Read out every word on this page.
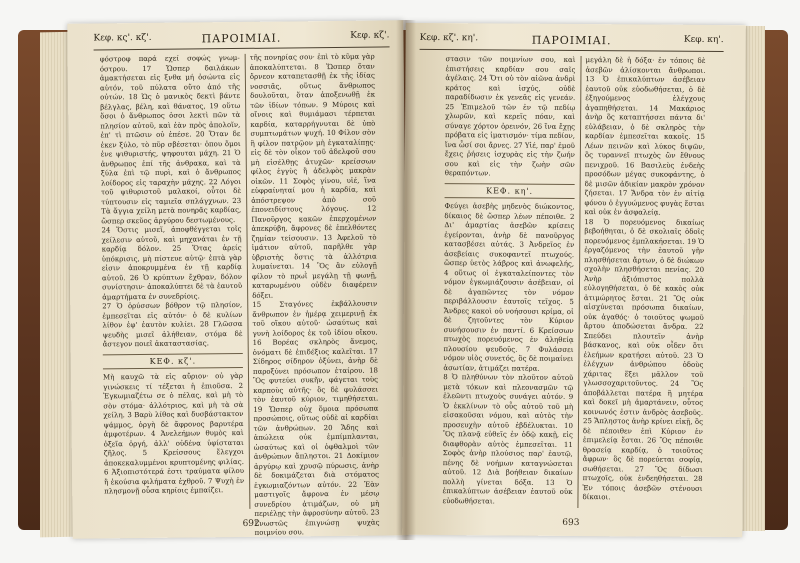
Κεφ. κς'. κζ'.	ΠΑΡΟΙΜΙΑΙ.	Κεφ. κζ'.

φόστροφ παρά εχεί σοφώς γνωμ-όστρου. 17 Ὥσπερ δαιλάκων ἀμακτήσεται εἰς ξνθα μή ὀσώντα εἰς αὐτόν, τοῦ πύλατα οὕτο ἀπό τῆς οὐτών. 18 Ὡς ὁ μανικὸς δεκτὶ βάντε βέλγλας, βέλη, καὶ θάνατος, 19 οὕτω ὅσοι ὁ ἄνθρωπος ὁσοι λεκτὶ πῶν τὰ πλησίον αὐτοῦ, καὶ ἐὰν πρὸς ἀπολοῖν, ἐπ' τὶ πτῶσιν οὐ ἐπέσε. 20 Ὅταν δε ἐκεν ξύλο, τὸ πῦρ σβέσεται· ὁπου ὅμοι ἐνε ψιθυριστής, ψηφουται μάχη. 21 Ὁ ἀνθρωπος ἐπί τῆς ἀνθρακα, καὶ τὰ ξύλα ἐπὶ τῷ πυρὶ, καὶ ὁ ἄνθρωπος λοίδορος εἰς ταραχὴν μάχης. 22 Λόγοι τοῦ ψιθυριστοῦ μαλακοί, οὗτοι δὲ τύπτουσιν εἰς ταμιεῖα σπλάγχνων. 23 Τὰ ἄγγια χείλη μετὰ πονηρᾶς καρδίας, ὥσπερ σκεῦος ἀργύρου δεστωμένους.

24 Ὅστις μισεῖ, ἀποφθέγγεται τοῖς χείλεσιν αὐτοῦ, καὶ μηχανάται ἐν τῇ καρδίᾳ δόλον. 25 Ὅτας ἀρείς ὑπόκρισις, μὴ πίστευε αὐτῷ· ἑπτὰ γὰρ εἰσιν ἀποκρυμμένα ἐν τῇ καρδίᾳ αὐτοῦ. 26 Ὁ κρύπτων ἔχθραν, δόλον συνίστησιν· ἀποκαλύπτει δὲ τὰ ἑαυτοῦ ἁμαρτήματα ἐν συνεδρίοις.

27 Ὁ ὀρύσσων βόθρον τῷ πλησίον, ἐμπεσεῖται εἰς αὐτόν· ὁ δὲ κυλίων λίθον ἐφ' ἑαυτὸν κυλίει. 28 Γλῶσσα ψευδὴς μισεῖ ἀλήθειαν, στόμα δὲ ἄστεγον ποιεῖ ἀκαταστασίας.

ΚΕΦ. κζ'.

Μὴ καυχῶ τὰ εἰς αὔριον· οὐ γὰρ γινώσκεις τί τέξεται ἡ ἐπιοῦσα. 2 Ἐγκωμιαζέτω σε ὁ πέλας, καὶ μὴ τὸ σὸν στόμα· ἀλλότριος, καὶ μὴ τὰ σὰ χείλη. 3 Βαρὺ λίθος καὶ δυσβάστακτον ψάμμος, ὀργὴ δὲ ἄφρονος βαρυτέρα ἀμφοτέρων. 4 Ἀνελεήμων θυμὸς καὶ ὀξεῖα ὀργή, ἀλλ' οὐδένα ὑφίσταται ζῆλος. 5 Κρείσσους ἔλεγχοι ἀποκεκαλυμμένοι κρυπτομένης φιλίας. 6 Ἀξιοπιστότερά ἐστι τραύματα φίλου ἢ ἑκούσια φιλήματα ἐχθροῦ. 7 Ψυχὴ ἐν πλησμονῇ οὖσα κηρίοις ἐμπαίζει.

τῆς πονηρίας σου· ἐπὶ τὸ κῦμα γὰρ ἀποκαλύπτεται. 8 Ὥσπερ ὅταν ὄρνεον καταπετασθῇ ἐκ τῆς ἰδίας νοσσιᾶς, οὕτως ἄνθρωπος δουλοῦται, ὅταν ἀποξενωθῇ ἐκ τῶν ἰδίων τόπων. 9 Μύροις καὶ οἴνοις καὶ θυμιάμασι τέρπεται καρδία, καταρρήγνυται δὲ ὑπὸ συμπτωμάτων ψυχή. 10 Φίλον σὸν ἢ φίλον πατρῷον μὴ ἐγκαταλίπῃς· εἰς δὲ τὸν οἶκον τοῦ ἀδελφοῦ σου μὴ εἰσέλθῃς ἀτυχῶν· κρείσσων φίλος ἐγγὺς ἢ ἀδελφὸς μακρὰν οἰκῶν. 11 Σοφὸς γίνου, υἱέ, ἵνα εὐφραίνηταί μου ἡ καρδία, καὶ ἀπόστρεψον ἀπὸ σοῦ ἐπονειδίστους λόγους. 12 Πανοῦργος κακῶν ἐπερχομένων ἀπεκρύβη, ἄφρονες δὲ ἐπελθόντες ζημίαν τείσουσιν. 13 Ἀφελοῦ τὸ ἱμάτιον αὐτοῦ, παρῆλθε γὰρ ὑβριστὴς ὅστις τὰ ἀλλότρια λυμαίνεται. 14 Ὃς ἂν εὐλογῇ φίλον τὸ πρωῒ μεγάλῃ τῇ φωνῇ, καταρωμένου οὐδὲν διαφέρειν δόξει.

15 Σταγόνες ἐκβάλλουσιν ἄνθρωπον ἐν ἡμέρᾳ χειμερινῇ ἐκ τοῦ οἴκου αὐτοῦ· ὡσαύτως καὶ γυνὴ λοίδορος ἐκ τοῦ ἰδίου οἴκου. 16 Βορέας σκληρὸς ἄνεμος, ὀνόματι δὲ ἐπιδέξιος καλεῖται. 17 Σίδηρος σίδηρον ὀξύνει, ἀνὴρ δὲ παροξύνει πρόσωπον ἑταίρου. 18 Ὃς φυτεύει συκῆν, φάγεται τοὺς καρποὺς αὐτῆς· ὃς δὲ φυλάσσει τὸν ἑαυτοῦ κύριον, τιμηθήσεται. 19 Ὥσπερ οὐχ ὅμοια πρόσωπα προσώποις, οὕτως οὐδὲ αἱ καρδίαι τῶν ἀνθρώπων. 20 Ἅδης καὶ ἀπώλεια οὐκ ἐμπίμπλανται, ὡσαύτως καὶ οἱ ὀφθαλμοὶ τῶν ἀνθρώπων ἄπληστοι. 21 Δοκίμιον ἀργύρῳ καὶ χρυσῷ πύρωσις, ἀνὴρ δὲ δοκιμάζεται διὰ στόματος ἐγκωμιαζόντων αὐτόν. 22 Ἐὰν μαστιγοῖς ἄφρονα ἐν μέσῳ συνεδρίου ἀτιμάζων, οὐ μὴ περιέλῃς τὴν ἀφροσύνην αὐτοῦ. 23 Γνωστῶς ἐπιγνώσῃ ψυχὰς ποιμνίου σου.

692
Κεφ. κζ'. κη'.	ΠΑΡΟΙΜΙΑΙ.	Κεφ. κη'.

στασιν τῶν ποιμνίων σου, καὶ ἐπιστήσεις καρδίαν σου σαῖς ἀγέλαις. 24 Ὅτι οὐ τὸν αἰῶνα ἀνδρὶ κράτος καὶ ἰσχύς, οὐδὲ παραδίδωσιν ἐκ γενεᾶς εἰς γενεάν. 25 Ἐπιμελοῦ τῶν ἐν τῷ πεδίῳ χλωρῶν, καὶ κερεῖς πόαν, καὶ σύναγε χόρτον ὀρεινόν, 26 ἵνα ἔχῃς πρόβατα εἰς ἱματισμόν· τίμα πεδίον, ἵνα ὦσί σοι ἄρνες. 27 Υἱέ, παρ' ἐμοῦ ἔχεις ῥήσεις ἰσχυρὰς εἰς τὴν ζωήν σου καὶ εἰς τὴν ζωὴν σῶν θεραπόντων.

ΚΕΦ. κη'.

Φεύγει ἀσεβὴς μηδενὸς διώκοντος, δίκαιος δὲ ὥσπερ λέων πέποιθε. 2 Δι' ἁμαρτίας ἀσεβῶν κρίσεις ἐγείρονται, ἀνὴρ δὲ πανοῦργος κατασβέσει αὐτάς. 3 Ἀνδρεῖος ἐν ἀσεβείαις συκοφαντεῖ πτωχούς. ὥσπερ ὑετὸς λάβρος καὶ ἀνωφελής, 4 οὕτως οἱ ἐγκαταλείποντες τὸν νόμον ἐγκωμιάζουσιν ἀσέβειαν, οἱ δὲ ἀγαπῶντες τὸν νόμον περιβάλλουσιν ἑαυτοῖς τεῖχος. 5 Ἄνδρες κακοὶ οὐ νοήσουσι κρίμα, οἱ δὲ ζητοῦντες τὸν Κύριον συνήσουσιν ἐν παντί. 6 Κρείσσων πτωχὸς πορευόμενος ἐν ἀληθείᾳ πλουσίου ψευδοῦς. 7 Φυλάσσει νόμον υἱὸς συνετός, ὃς δὲ ποιμαίνει ἀσωτίαν, ἀτιμάζει πατέρα.

8 Ὁ πληθύνων τὸν πλοῦτον αὐτοῦ μετὰ τόκων καὶ πλεονασμῶν τῷ ἐλεῶντι πτωχοὺς συνάγει αὐτόν. 9 Ὁ ἐκκλίνων τὸ οὖς αὐτοῦ τοῦ μὴ εἰσακοῦσαι νόμου, καὶ αὐτὸς τὴν προσευχὴν αὐτοῦ ἐβδέλυκται. 10 Ὃς πλανᾷ εὐθεῖς ἐν ὁδῷ κακῇ, εἰς διαφθορὰν αὐτὸς ἐμπεσεῖται. 11 Σοφὸς ἀνὴρ πλούσιος παρ' ἑαυτῷ, πένης δὲ νοήμων καταγνώσεται αὐτοῦ. 12 Διὰ βοήθειαν δικαίων πολλὴ γίνεται δόξα. 13 Ὁ ἐπικαλύπτων ἀσέβειαν ἑαυτοῦ οὐκ εὐοδωθήσεται.

μεγάλη δὲ ἡ δόξα· ἐν τόποις δὲ ἀσεβῶν ἁλίσκονται ἄνθρωποι. 13 Ὁ ἐπικαλύπτων ἀσέβειαν ἑαυτοῦ οὐκ εὐοδωθήσεται, ὁ δὲ ἐξηγούμενος ἐλέγχους ἀγαπηθήσεται. 14 Μακάριος ἀνὴρ ὃς καταπτήσσει πάντα δι' εὐλάβειαν, ὁ δὲ σκληρὸς τὴν καρδίαν ἐμπεσεῖται κακοῖς. 15 Λέων πεινῶν καὶ λύκος διψῶν, ὃς τυραννεῖ πτωχὸς ὢν ἔθνους πενιχροῦ. 16 Βασιλεὺς ἐνδεὴς προσόδων μέγας συκοφάντης, ὁ δὲ μισῶν ἀδικίαν μακρὸν χρόνον ζήσεται. 17 Ἄνδρα τὸν ἐν αἰτίᾳ φόνου ὁ ἐγγυώμενος φυγὰς ἔσται καὶ οὐκ ἐν ἀσφαλείᾳ.

18 Ὁ πορευόμενος δικαίως βεβοήθηται, ὁ δὲ σκολιαῖς ὁδοῖς πορευόμενος ἐμπλακήσεται. 19 Ὁ ἐργαζόμενος τὴν ἑαυτοῦ γῆν πλησθήσεται ἄρτων, ὁ δὲ διώκων σχολὴν πλησθήσεται πενίας. 20 Ἀνὴρ ἀξιόπιστος πολλὰ εὐλογηθήσεται, ὁ δὲ κακὸς οὐκ ἀτιμώρητος ἔσται. 21 Ὃς οὐκ αἰσχύνεται πρόσωπα δικαίων, οὐκ ἀγαθός· ὁ τοιοῦτος ψωμοῦ ἄρτου ἀποδώσεται ἄνδρα. 22 Σπεύδει πλουτεῖν ἀνὴρ βάσκανος, καὶ οὐκ οἶδεν ὅτι ἐλεήμων κρατήσει αὐτοῦ. 23 Ὁ ἐλέγχων ἀνθρώπου ὁδοὺς χάριτας ἕξει μᾶλλον τοῦ γλωσσοχαριτοῦντος. 24 Ὃς ἀποβάλλεται πατέρα ἢ μητέρα καὶ δοκεῖ μὴ ἁμαρτάνειν, οὗτος κοινωνός ἐστιν ἀνδρὸς ἀσεβοῦς. 25 Ἄπληστος ἀνὴρ κρίνει εἰκῇ, ὃς δὲ πέποιθεν ἐπὶ Κύριον ἐν ἐπιμελείᾳ ἔσται. 26 Ὃς πέποιθε θρασείᾳ καρδίᾳ, ὁ τοιοῦτος ἄφρων· ὃς δὲ πορεύεται σοφίᾳ, σωθήσεται. 27 Ὃς δίδωσι πτωχοῖς, οὐκ ἐνδεηθήσεται. 28 Ἐν τόποις ἀσεβῶν στένουσι δίκαιοι.

693
